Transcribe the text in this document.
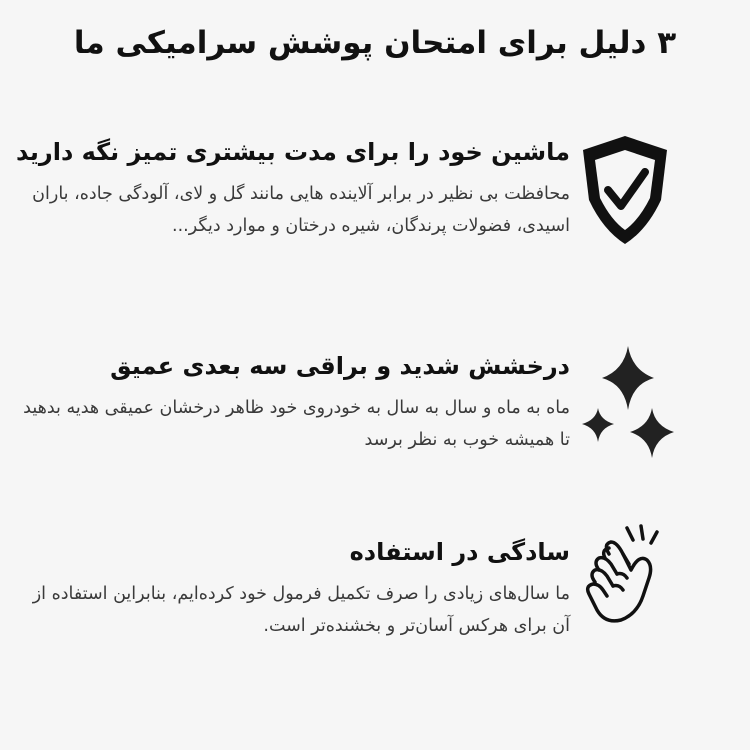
۳ دلیل برای امتحان پوشش سرامیکی ما
ماشین خود را برای مدت بیشتری تمیز نگه دارید

محافظت بی نظیر در برابر آلاینده هایی مانند گل و لای، آلودگی جاده، باران اسیدی، فضولات پرندگان، شیره درختان و موارد دیگر...

درخشش شدید و براقی سه بعدی عمیق

ماه به ماه و سال به سال به خودروی خود ظاهر درخشان عمیقی هدیه بدهید تا همیشه خوب به نظر برسد

سادگی در استفاده

ما سال‌های زیادی را صرف تکمیل فرمول خود کرده‌ایم، بنابراین استفاده از آن برای هرکس آسان‌تر و بخشنده‌تر است.
